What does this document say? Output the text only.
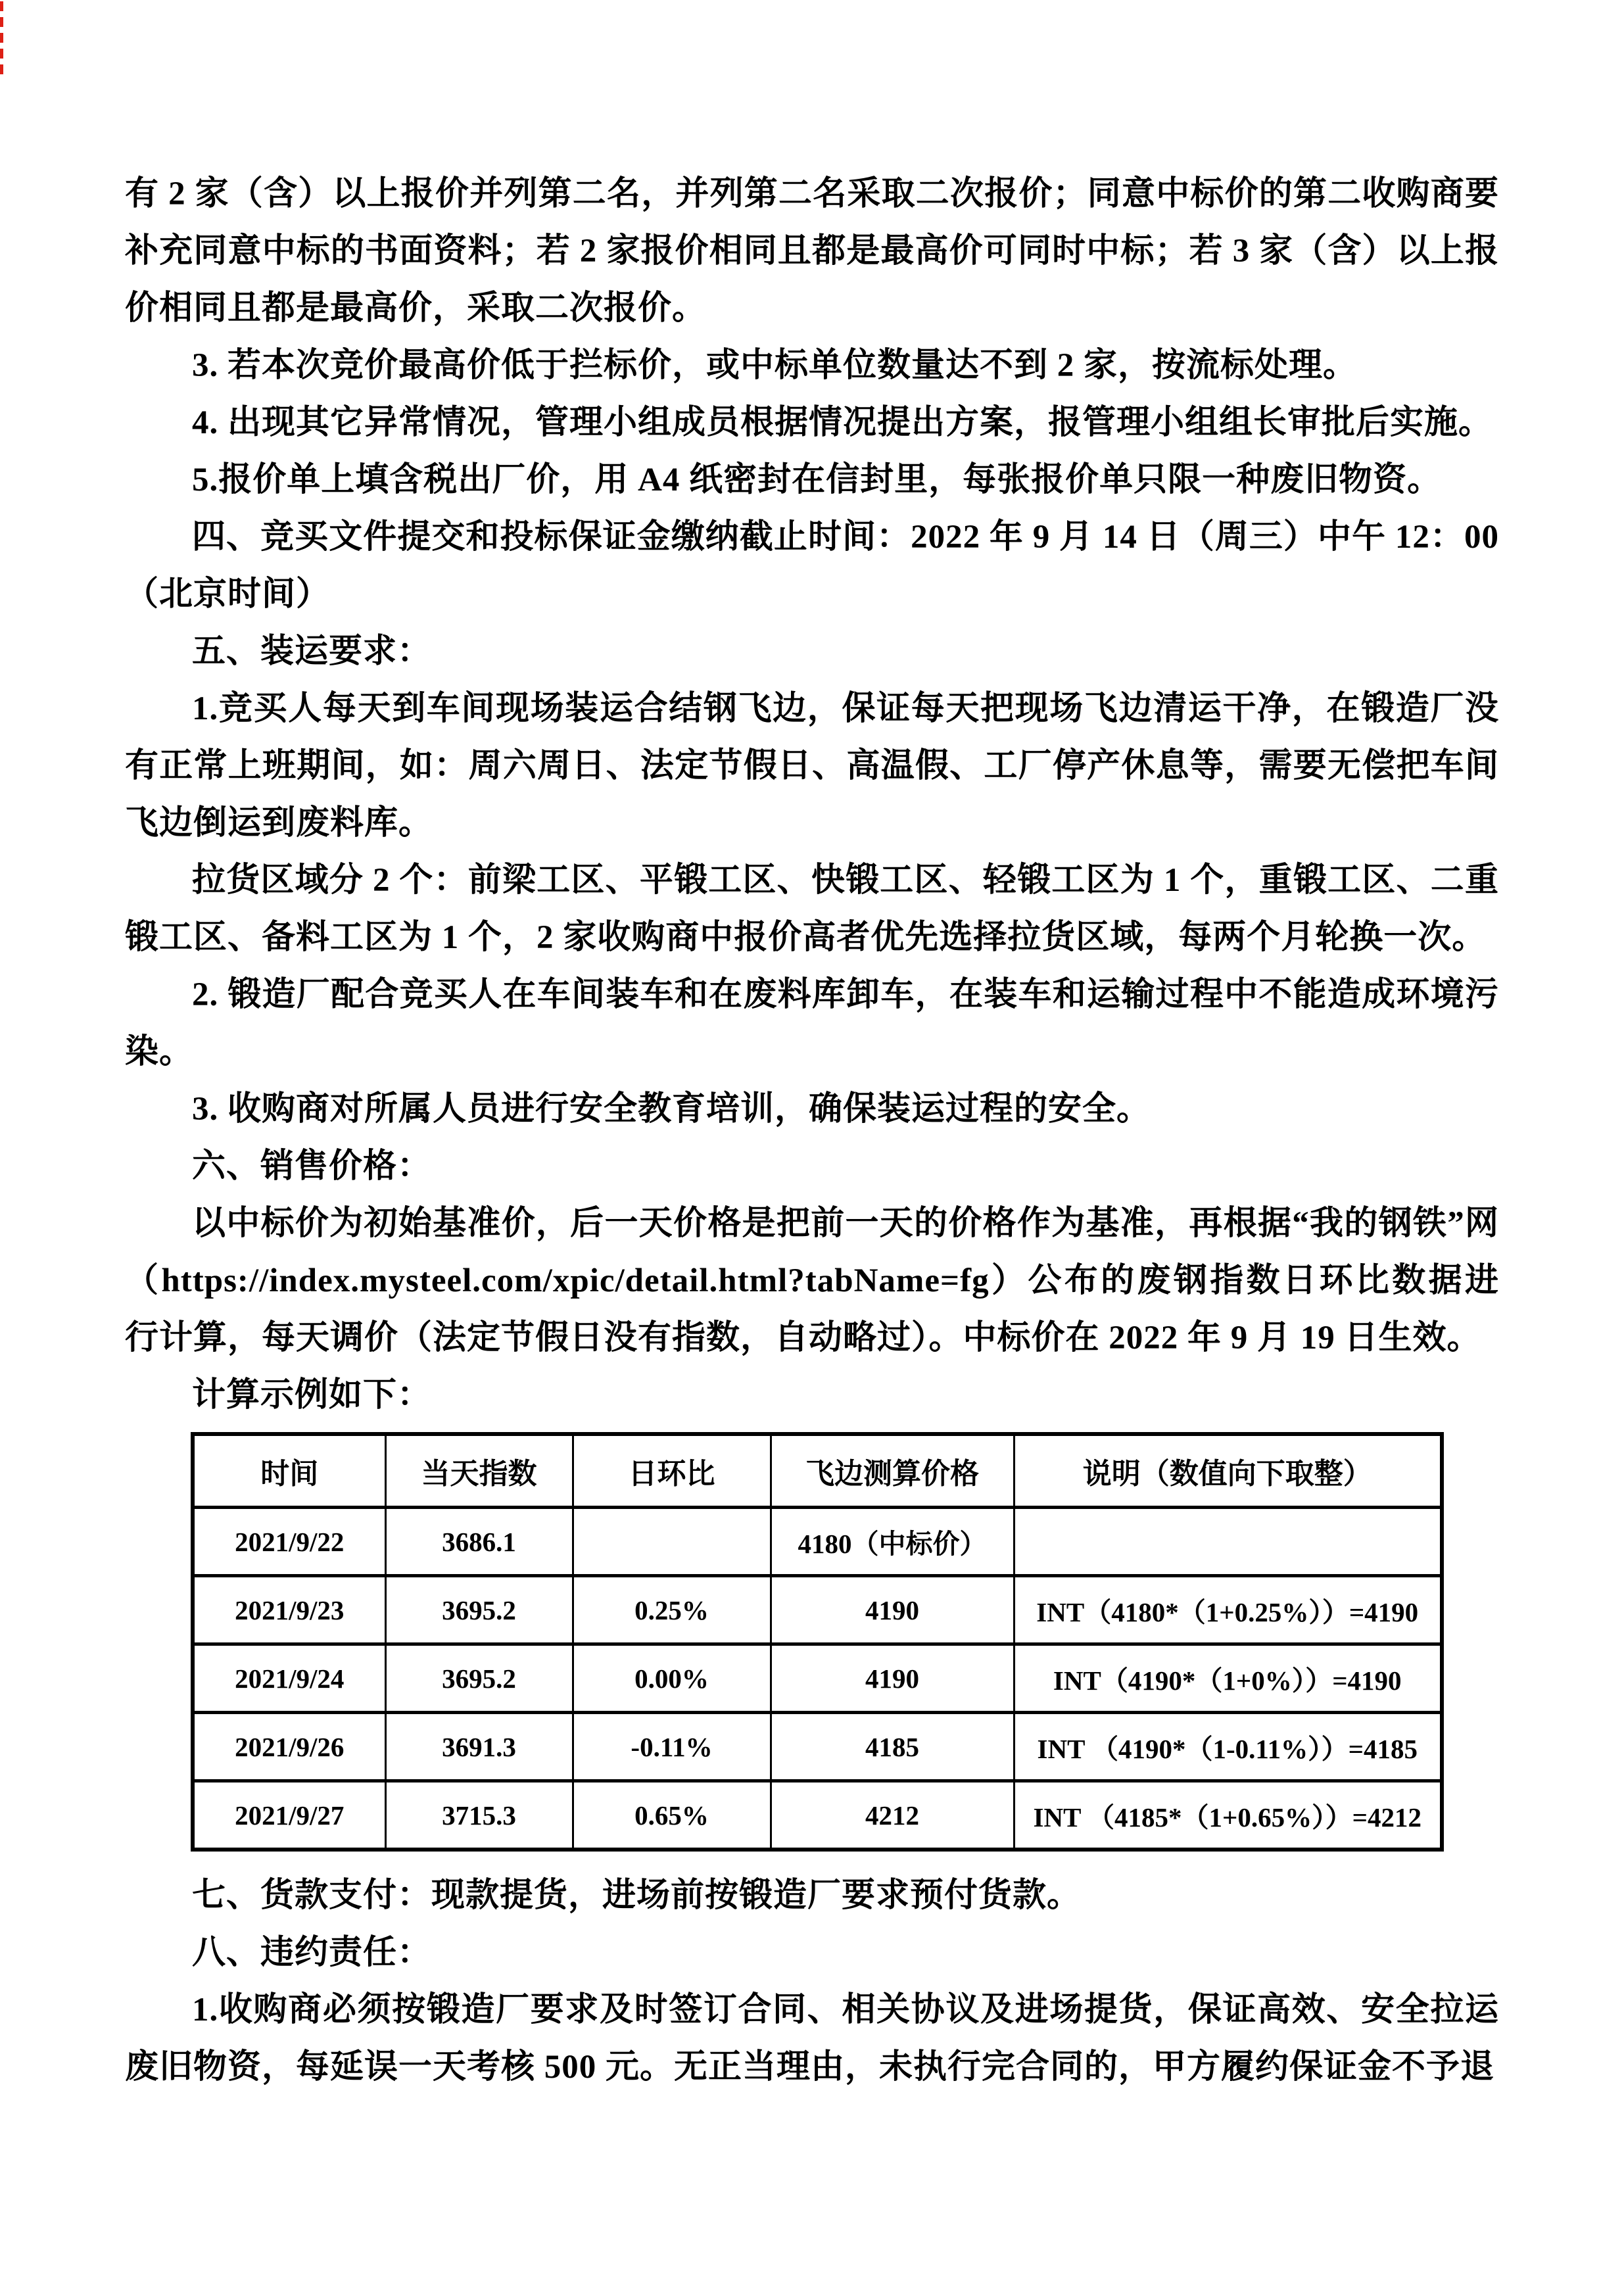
有 2 家（含）以上报价并列第二名，并列第二名采取二次报价；同意中标价的第二收购商要补充同意中标的书面资料；若 2 家报价相同且都是最高价可同时中标；若 3 家（含）以上报价相同且都是最高价，采取二次报价。

3. 若本次竞价最高价低于拦标价，或中标单位数量达不到 2 家，按流标处理。

4. 出现其它异常情况，管理小组成员根据情况提出方案，报管理小组组长审批后实施。

5.报价单上填含税出厂价，用 A4 纸密封在信封里，每张报价单只限一种废旧物资。

四、竞买文件提交和投标保证金缴纳截止时间：2022 年 9 月 14 日（周三）中午 12：00（北京时间）

五、装运要求：

1.竞买人每天到车间现场装运合结钢飞边，保证每天把现场飞边清运干净，在锻造厂没有正常上班期间，如：周六周日、法定节假日、高温假、工厂停产休息等，需要无偿把车间飞边倒运到废料库。

拉货区域分 2 个：前梁工区、平锻工区、快锻工区、轻锻工区为 1 个，重锻工区、二重锻工区、备料工区为 1 个，2 家收购商中报价高者优先选择拉货区域，每两个月轮换一次。

2. 锻造厂配合竞买人在车间装车和在废料库卸车，在装车和运输过程中不能造成环境污染。

3. 收购商对所属人员进行安全教育培训，确保装运过程的安全。

六、销售价格：

以中标价为初始基准价，后一天价格是把前一天的价格作为基准，再根据“我的钢铁”网（https://index.mysteel.com/xpic/detail.html?tabName=fg）公布的废钢指数日环比数据进行计算，每天调价（法定节假日没有指数，自动略过）。中标价在 2022 年 9 月 19 日生效。

计算示例如下：

时间	当天指数	日环比	飞边测算价格	说明（数值向下取整）
2021/9/22	3686.1		4180（中标价）	
2021/9/23	3695.2	0.25%	4190	INT（4180*（1+0.25%））=4190
2021/9/24	3695.2	0.00%	4190	INT（4190*（1+0%））=4190
2021/9/26	3691.3	-0.11%	4185	INT （4190*（1-0.11%））=4185
2021/9/27	3715.3	0.65%	4212	INT （4185*（1+0.65%））=4212

七、货款支付：现款提货，进场前按锻造厂要求预付货款。

八、违约责任：

1.收购商必须按锻造厂要求及时签订合同、相关协议及进场提货，保证高效、安全拉运废旧物资，每延误一天考核 500 元。无正当理由，未执行完合同的，甲方履约保证金不予退
